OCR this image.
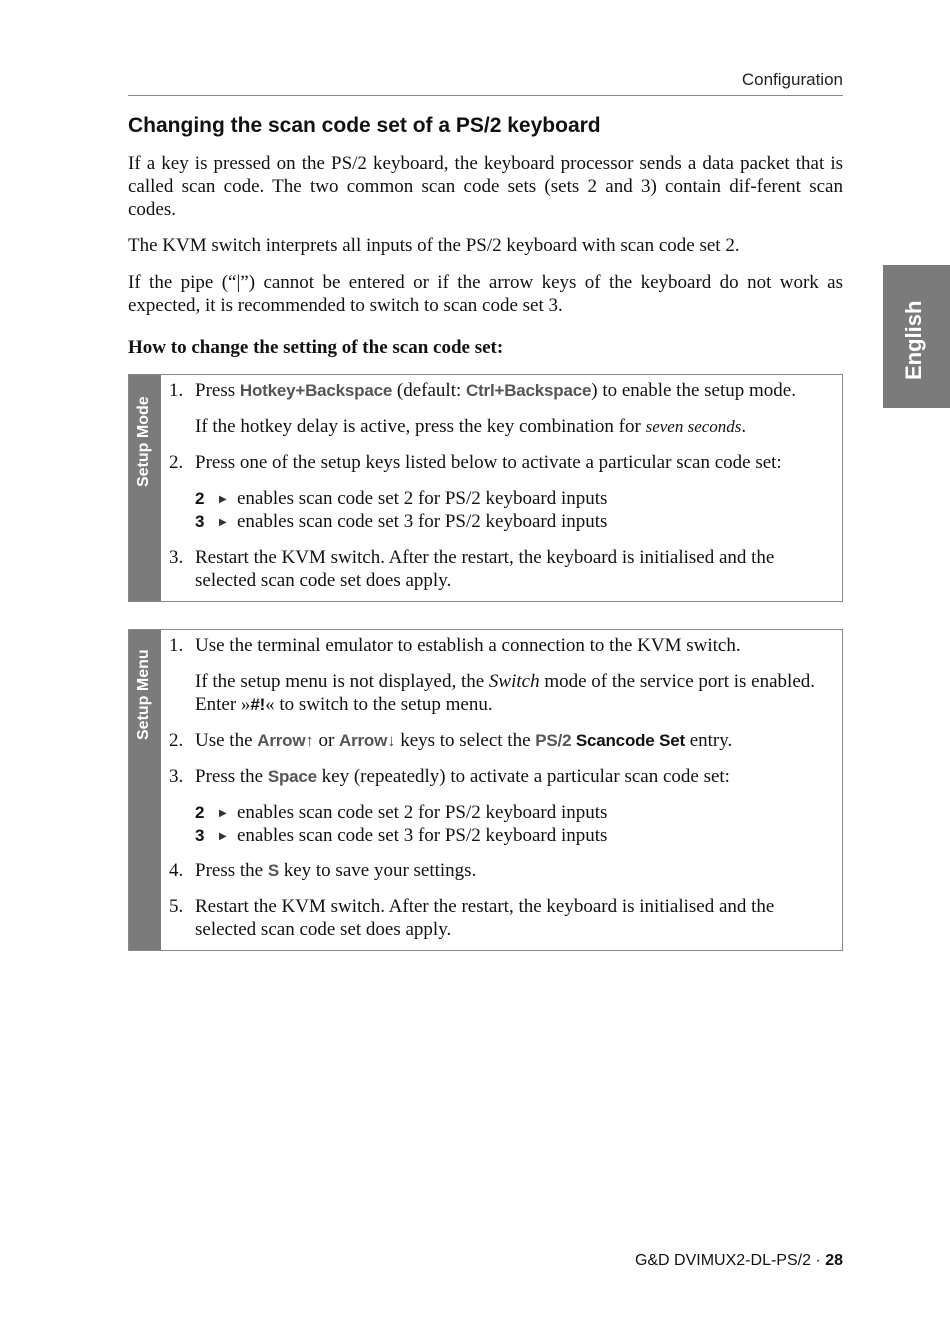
Configuration
English
Changing the scan code set of a PS/2 keyboard
If a key is pressed on the PS/2 keyboard, the keyboard processor sends a data packet that is called scan code. The two common scan code sets (sets 2 and 3) contain dif-ferent scan codes.
The KVM switch interprets all inputs of the PS/2 keyboard with scan code set 2.
If the pipe (“|”) cannot be entered or if the arrow keys of the keyboard do not work as expected, it is recommended to switch to scan code set 3.
How to change the setting of the scan code set:
Setup Mode
1. Press Hotkey+Backspace (default: Ctrl+Backspace) to enable the setup mode.
If the hotkey delay is active, press the key combination for seven seconds.
2. Press one of the setup keys listed below to activate a particular scan code set:
2 ▶ enables scan code set 2 for PS/2 keyboard inputs
3 ▶ enables scan code set 3 for PS/2 keyboard inputs
3. Restart the KVM switch. After the restart, the keyboard is initialised and the selected scan code set does apply.
Setup Menu
1. Use the terminal emulator to establish a connection to the KVM switch.
If the setup menu is not displayed, the Switch mode of the service port is enabled. Enter »#!« to switch to the setup menu.
2. Use the Arrow↑ or Arrow↓ keys to select the PS/2 Scancode Set entry.
3. Press the Space key (repeatedly) to activate a particular scan code set:
2 ▶ enables scan code set 2 for PS/2 keyboard inputs
3 ▶ enables scan code set 3 for PS/2 keyboard inputs
4. Press the S key to save your settings.
5. Restart the KVM switch. After the restart, the keyboard is initialised and the selected scan code set does apply.
G&D DVIMUX2-DL-PS/2 · 28
